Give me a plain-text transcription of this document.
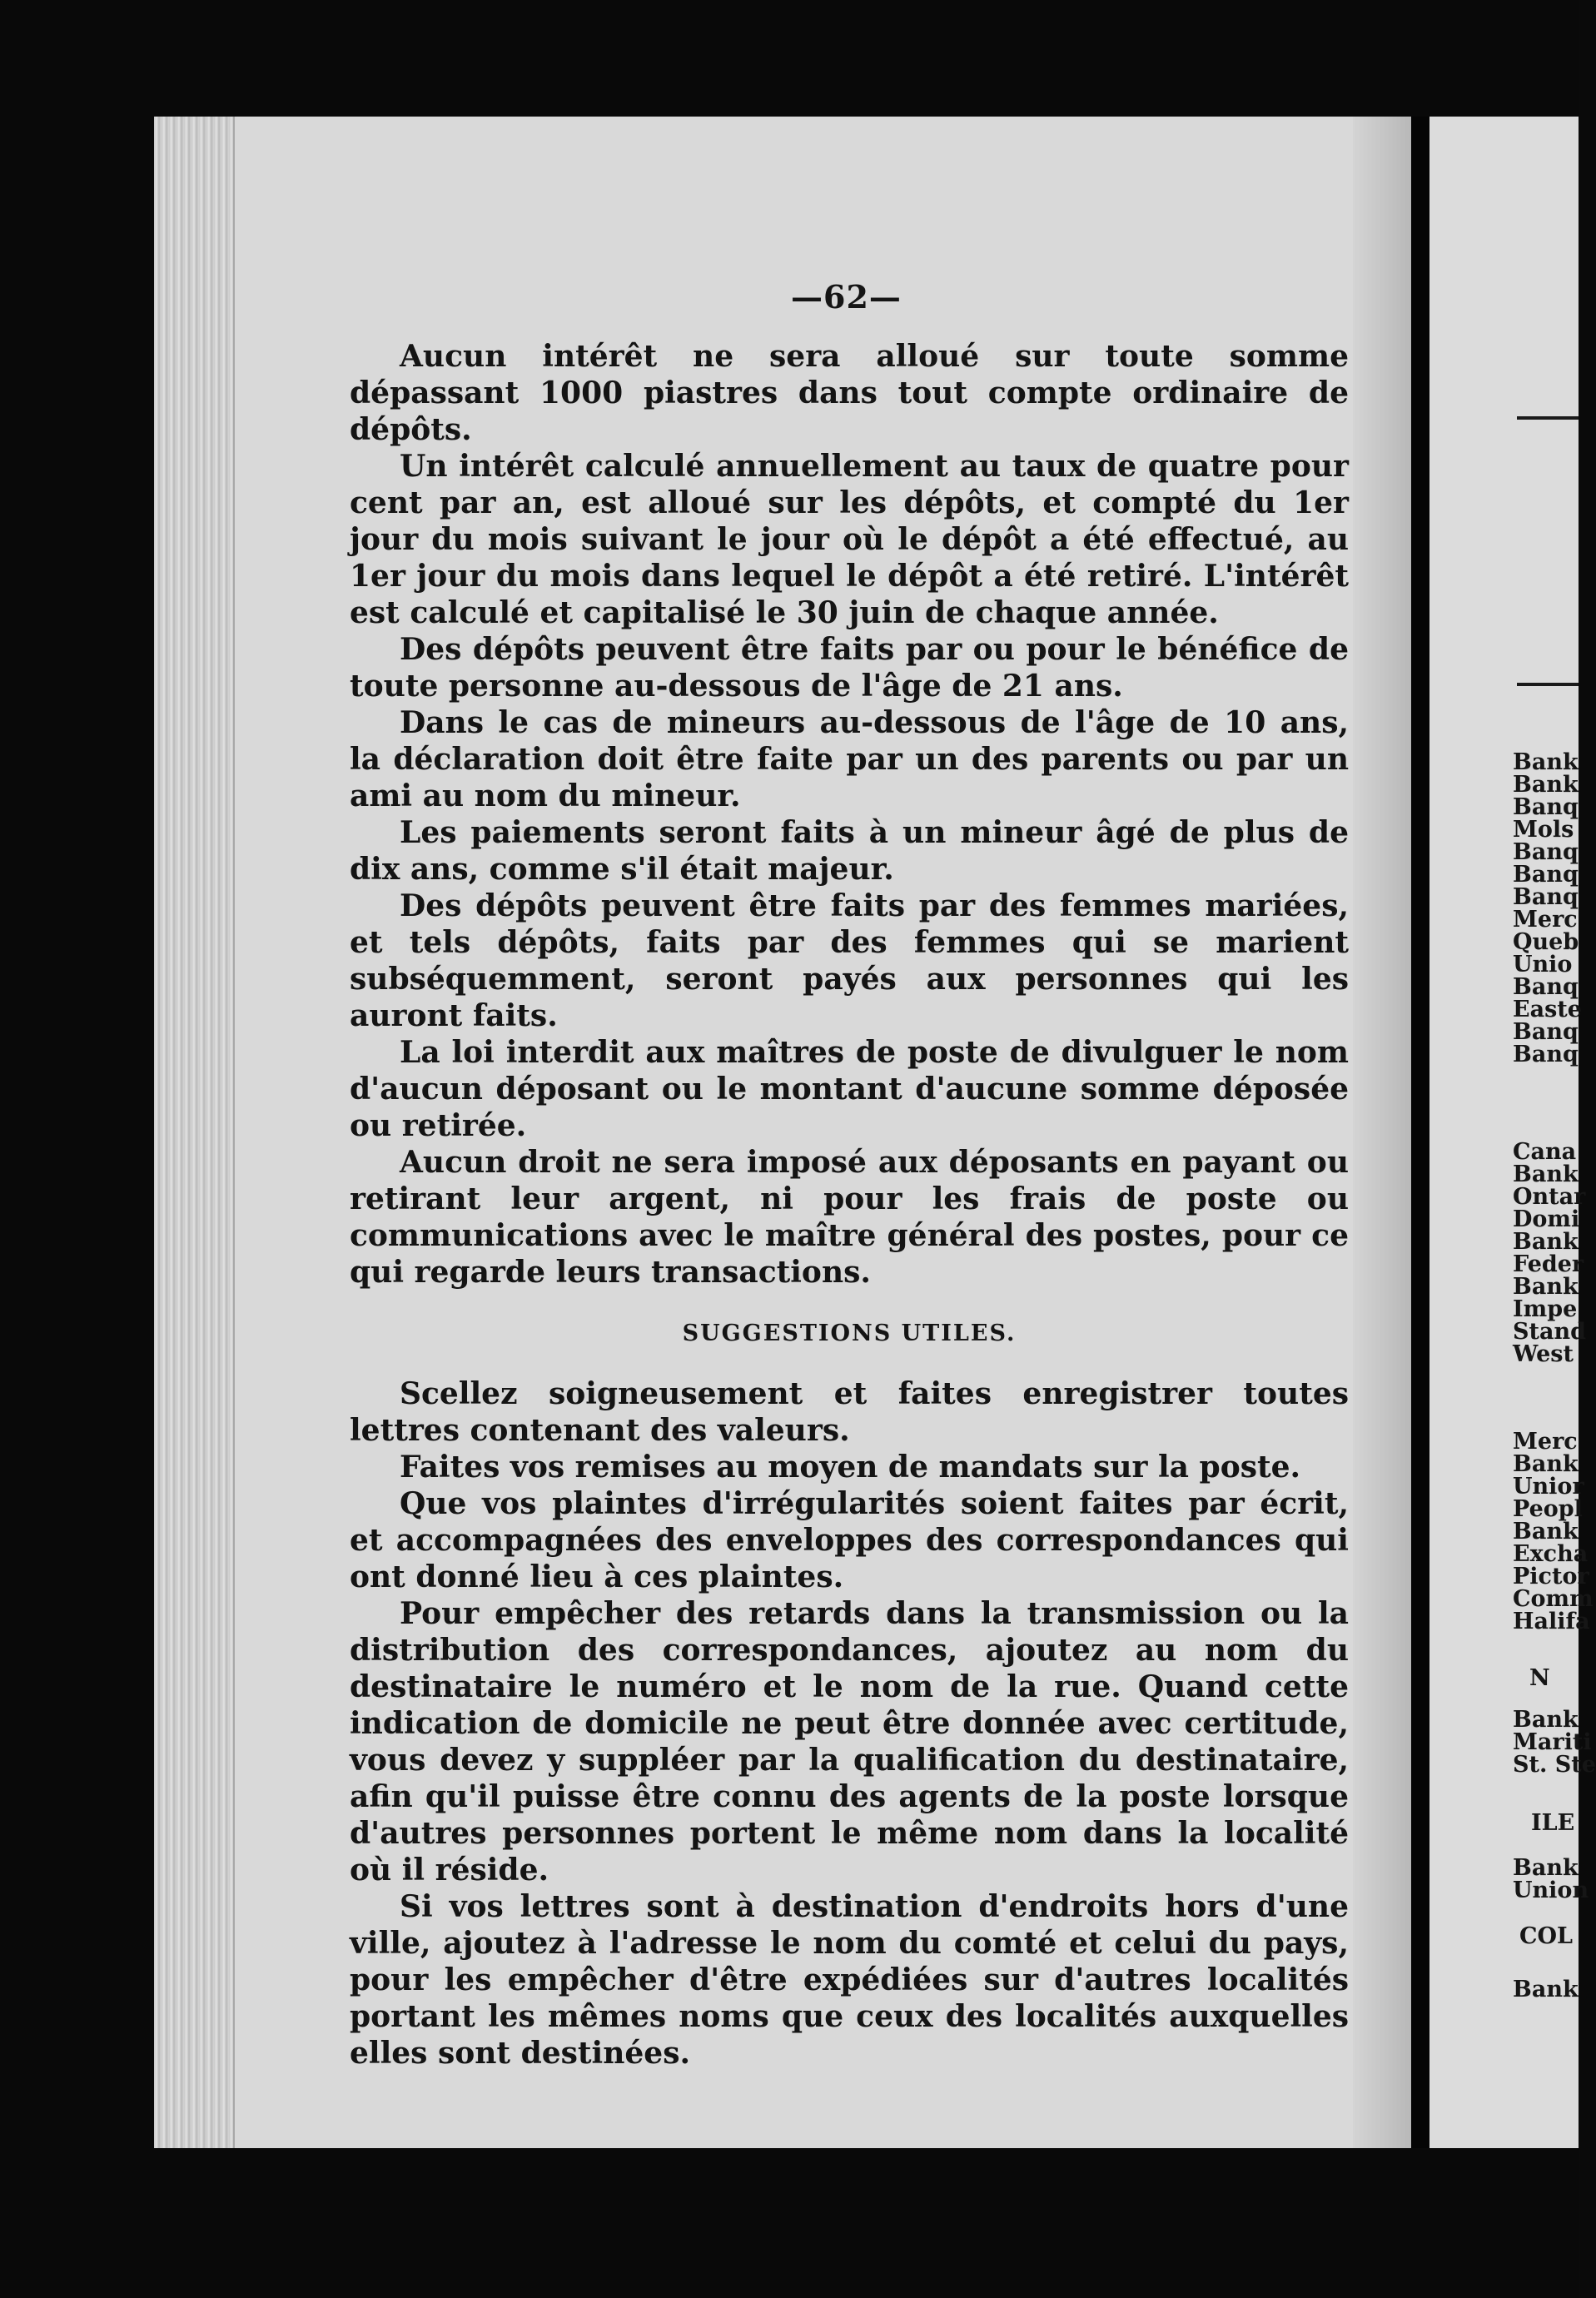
Bank
Bank
Banq
Mols
Banq
Banq
Banq
Merc
Queb
Unio
Banq
Easte
Banq
Banq
Cana
Bank
Ontar
Domi
Bank
Feder
Bank
Impe
Stand
West
Merc
Bank
Unior
Peopl
Bank
Excha
Pictor
Comm
Halifa
N
Bank
Mariti
St. Ste
ILE
Bank
Union
COL
Bank
—62—

Aucun intérêt ne sera alloué sur toute somme dépassant 1000 piastres dans tout compte ordinaire de dépôts.

Un intérêt calculé annuellement au taux de quatre pour cent par an, est alloué sur les dépôts, et compté du 1er jour du mois suivant le jour où le dépôt a été effectué, au 1er jour du mois dans lequel le dépôt a été retiré. L'intérêt est calculé et capitalisé le 30 juin de chaque année.

Des dépôts peuvent être faits par ou pour le bénéfice de toute personne au-dessous de l'âge de 21 ans.

Dans le cas de mineurs au-dessous de l'âge de 10 ans, la déclaration doit être faite par un des parents ou par un ami au nom du mineur.

Les paiements seront faits à un mineur âgé de plus de dix ans, comme s'il était majeur.

Des dépôts peuvent être faits par des femmes mariées, et tels dépôts, faits par des femmes qui se marient subséquemment, seront payés aux personnes qui les auront faits.

La loi interdit aux maîtres de poste de divulguer le nom d'aucun déposant ou le montant d'aucune somme déposée ou retirée.

Aucun droit ne sera imposé aux déposants en payant ou retirant leur argent, ni pour les frais de poste ou communications avec le maître général des postes, pour ce qui regarde leurs transactions.

SUGGESTIONS UTILES.

Scellez soigneusement et faites enregistrer toutes lettres contenant des valeurs.

Faites vos remises au moyen de mandats sur la poste.

Que vos plaintes d'irrégularités soient faites par écrit, et accompagnées des enveloppes des correspondances qui ont donné lieu à ces plaintes.

Pour empêcher des retards dans la transmission ou la distribution des correspondances, ajoutez au nom du destinataire le numéro et le nom de la rue. Quand cette indication de domicile ne peut être donnée avec certitude, vous devez y suppléer par la qualification du destinataire, afin qu'il puisse être connu des agents de la poste lorsque d'autres personnes portent le même nom dans la localité où il réside.

Si vos lettres sont à destination d'endroits hors d'une ville, ajoutez à l'adresse le nom du comté et celui du pays, pour les empêcher d'être expédiées sur d'autres localités portant les mêmes noms que ceux des localités auxquelles elles sont destinées.
